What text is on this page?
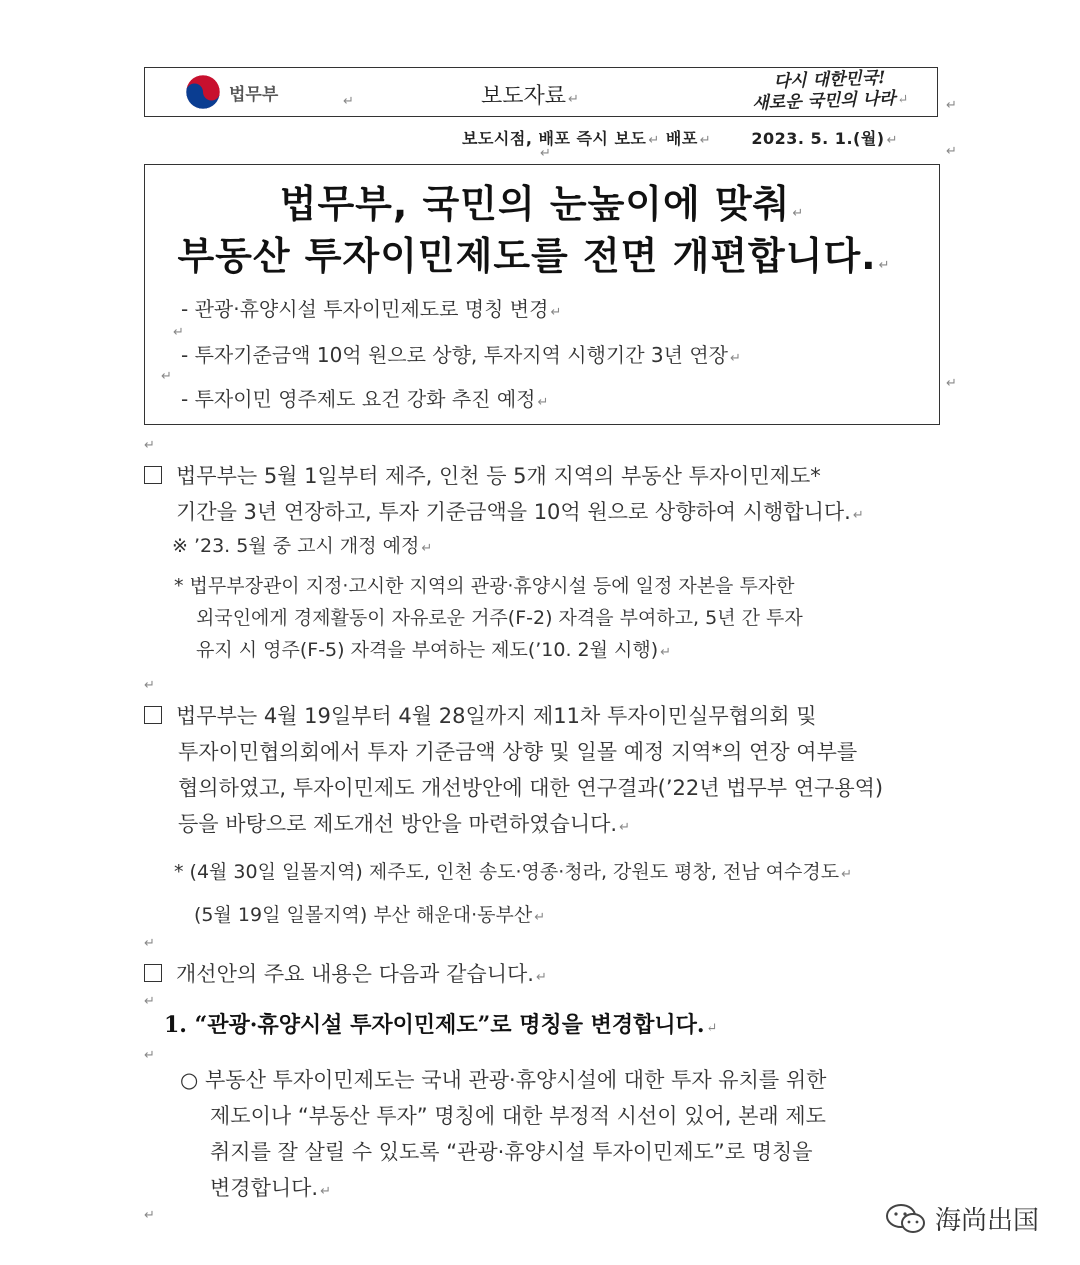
법무부	↵	보도자료 ↵
다시 대한민국!
새로운 국민의 나라↵	↵
보도시점, 배포 즉시 보도 ↵ 배포 ↵	2023. 5. 1.(월) ↵
↵	↵
법무부, 국민의 눈높이에 맞춰 ↵
부동산 투자이민제도를 전면 개편합니다. ↵
- 관광·휴양시설 투자이민제도로 명칭 변경 ↵
↵
- 투자기준금액 10억 원으로 상향, 투자지역 시행기간 3년 연장 ↵
↵
- 투자이민 영주제도 요건 강화 추진 예정 ↵
↵
↵
법무부는 5월 1일부터 제주, 인천 등 5개 지역의 부동산 투자이민제도*
기간을 3년 연장하고, 투자 기준금액을 10억 원으로 상향하여 시행합니다. ↵
※ ’23. 5월 중 고시 개정 예정 ↵
* 법무부장관이 지정·고시한 지역의 관광·휴양시설 등에 일정 자본을 투자한
외국인에게 경제활동이 자유로운 거주(F-2) 자격을 부여하고, 5년 간 투자
유지 시 영주(F-5) 자격을 부여하는 제도(’10. 2월 시행) ↵
↵
법무부는 4월 19일부터 4월 28일까지 제11차 투자이민실무협의회 및
투자이민협의회에서 투자 기준금액 상향 및 일몰 예정 지역*의 연장 여부를
협의하였고, 투자이민제도 개선방안에 대한 연구결과(’22년 법무부 연구용역)
등을 바탕으로 제도개선 방안을 마련하였습니다. ↵
* (4월 30일 일몰지역) 제주도, 인천 송도·영종·청라, 강원도 평창, 전남 여수경도 ↵
(5월 19일 일몰지역) 부산 해운대·동부산 ↵
↵
개선안의 주요 내용은 다음과 같습니다. ↵
↵
1. “관광·휴양시설 투자이민제도”로 명칭을 변경합니다. ↵
↵
○ 부동산 투자이민제도는 국내 관광·휴양시설에 대한 투자 유치를 위한
제도이나 “부동산 투자” 명칭에 대한 부정적 시선이 있어, 본래 제도
취지를 잘 살릴 수 있도록 “관광·휴양시설 투자이민제도”로 명칭을
변경합니다. ↵
↵	海尚出国
